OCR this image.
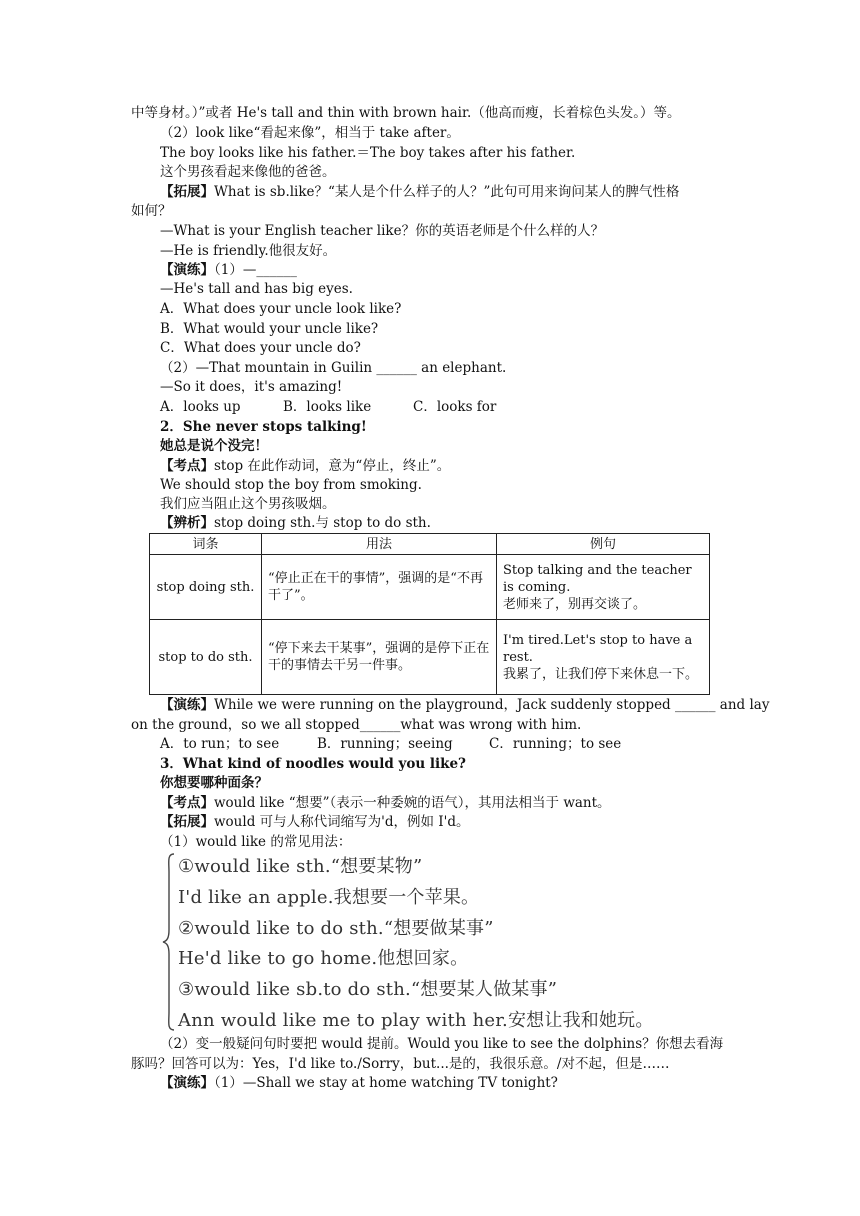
中等身材。）”或者 He's tall and thin with brown hair.（他高而瘦，长着棕色头发。）等。
（2）look like“看起来像”，相当于 take after。
The boy looks like his father.＝The boy takes after his father.
这个男孩看起来像他的爸爸。
【拓展】What is sb.like？“某人是个什么样子的人？”此句可用来询问某人的脾气性格
如何？
—What is your English teacher like？你的英语老师是个什么样的人？
—He is friendly.他很友好。
【演练】（1）—______
—He's tall and has big eyes.
A．What does your uncle look like?
B．What would your uncle like?
C．What does your uncle do?
（2）—That mountain in Guilin ______ an elephant.
—So it does，it's amazing!
A．looks up	B．looks like	C．looks for
2．She never stops talking!
她总是说个没完！
【考点】stop 在此作动词，意为“停止，终止”。
We should stop the boy from smoking.
我们应当阻止这个男孩吸烟。
【辨析】stop doing sth.与 stop to do sth.
词条	用法	例句
stop doing sth.	“停止正在干的事情”，强调的是“不再干了”。	Stop talking and the teacher is coming.
老师来了，别再交谈了。

stop to do sth.	“停下来去干某事”，强调的是停下正在干的事情去干另一件事。	I'm tired.Let's stop to have a rest.
我累了，让我们停下来休息一下。
【演练】While we were running on the playground，Jack suddenly stopped ______ and lay
on the ground，so we all stopped______what was wrong with him.
A．to run；to see	B．running；seeing	C．running；to see
3．What kind of noodles would you like?
你想要哪种面条？
【考点】would like “想要”（表示一种委婉的语气），其用法相当于 want。
【拓展】would 可与人称代词缩写为'd，例如 I'd。
（1）would like 的常见用法：
①would like sth.“想要某物”
I'd like an apple.我想要一个苹果。
②would like to do sth.“想要做某事”
He'd like to go home.他想回家。
③would like sb.to do sth.“想要某人做某事”
Ann would like me to play with her.安想让我和她玩。
（2）变一般疑问句时要把 would 提前。Would you like to see the dolphins？你想去看海
豚吗？回答可以为：Yes，I'd like to./Sorry，but...是的，我很乐意。/对不起，但是……
【演练】（1）—Shall we stay at home watching TV tonight?
